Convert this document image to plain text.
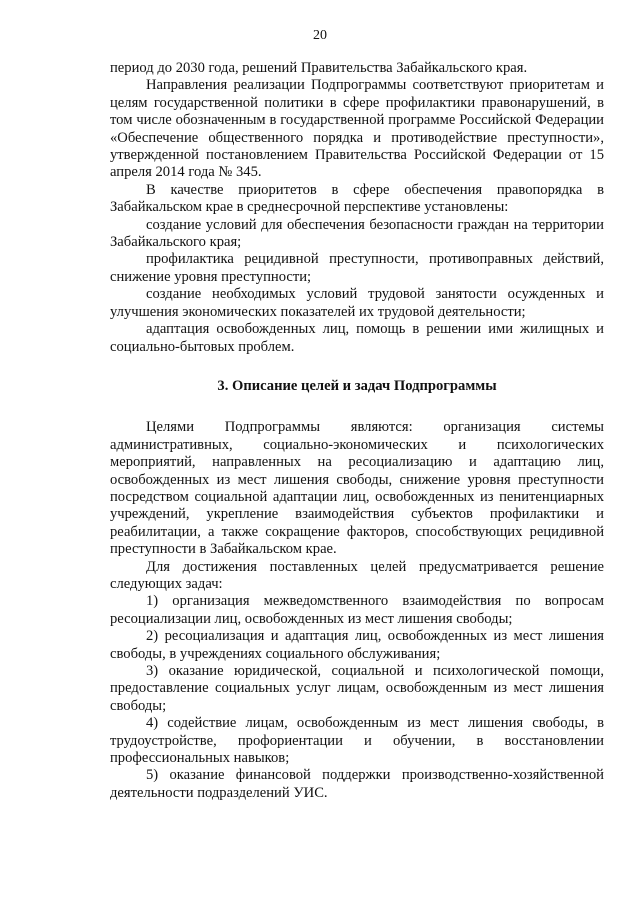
20

период до 2030 года, решений Правительства Забайкальского края.

Направления реализации Подпрограммы соответствуют приоритетам и целям государственной политики в сфере профилактики правонарушений, в том числе обозначенным в государственной программе Российской Федерации «Обеспечение общественного порядка и противодействие преступности», утвержденной постановлением Правительства Российской Федерации от 15 апреля 2014 года № 345.

В качестве приоритетов в сфере обеспечения правопорядка в Забайкальском крае в среднесрочной перспективе установлены:

создание условий для обеспечения безопасности граждан на территории Забайкальского края;

профилактика рецидивной преступности, противоправных действий, снижение уровня преступности;

создание необходимых условий трудовой занятости осужденных и улучшения экономических показателей их трудовой деятельности;

адаптация освобожденных лиц, помощь в решении ими жилищных и социально-бытовых проблем.

3. Описание целей и задач Подпрограммы

Целями Подпрограммы являются: организация системы административных, социально-экономических и психологических мероприятий, направленных на ресоциализацию и адаптацию лиц, освобожденных из мест лишения свободы, снижение уровня преступности посредством социальной адаптации лиц, освобожденных из пенитенциарных учреждений, укрепление взаимодействия субъектов профилактики и реабилитации, а также сокращение факторов, способствующих рецидивной преступности в Забайкальском крае.

Для достижения поставленных целей предусматривается решение следующих задач:

1) организация межведомственного взаимодействия по вопросам ресоциализации лиц, освобожденных из мест лишения свободы;

2) ресоциализация и адаптация лиц, освобожденных из мест лишения свободы, в учреждениях социального обслуживания;

3) оказание юридической, социальной и психологической помощи, предоставление социальных услуг лицам, освобожденным из мест лишения свободы;

4) содействие лицам, освобожденным из мест лишения свободы, в трудоустройстве, профориентации и обучении, в восстановлении профессиональных навыков;

5) оказание финансовой поддержки производственно-хозяйственной деятельности подразделений УИС.
